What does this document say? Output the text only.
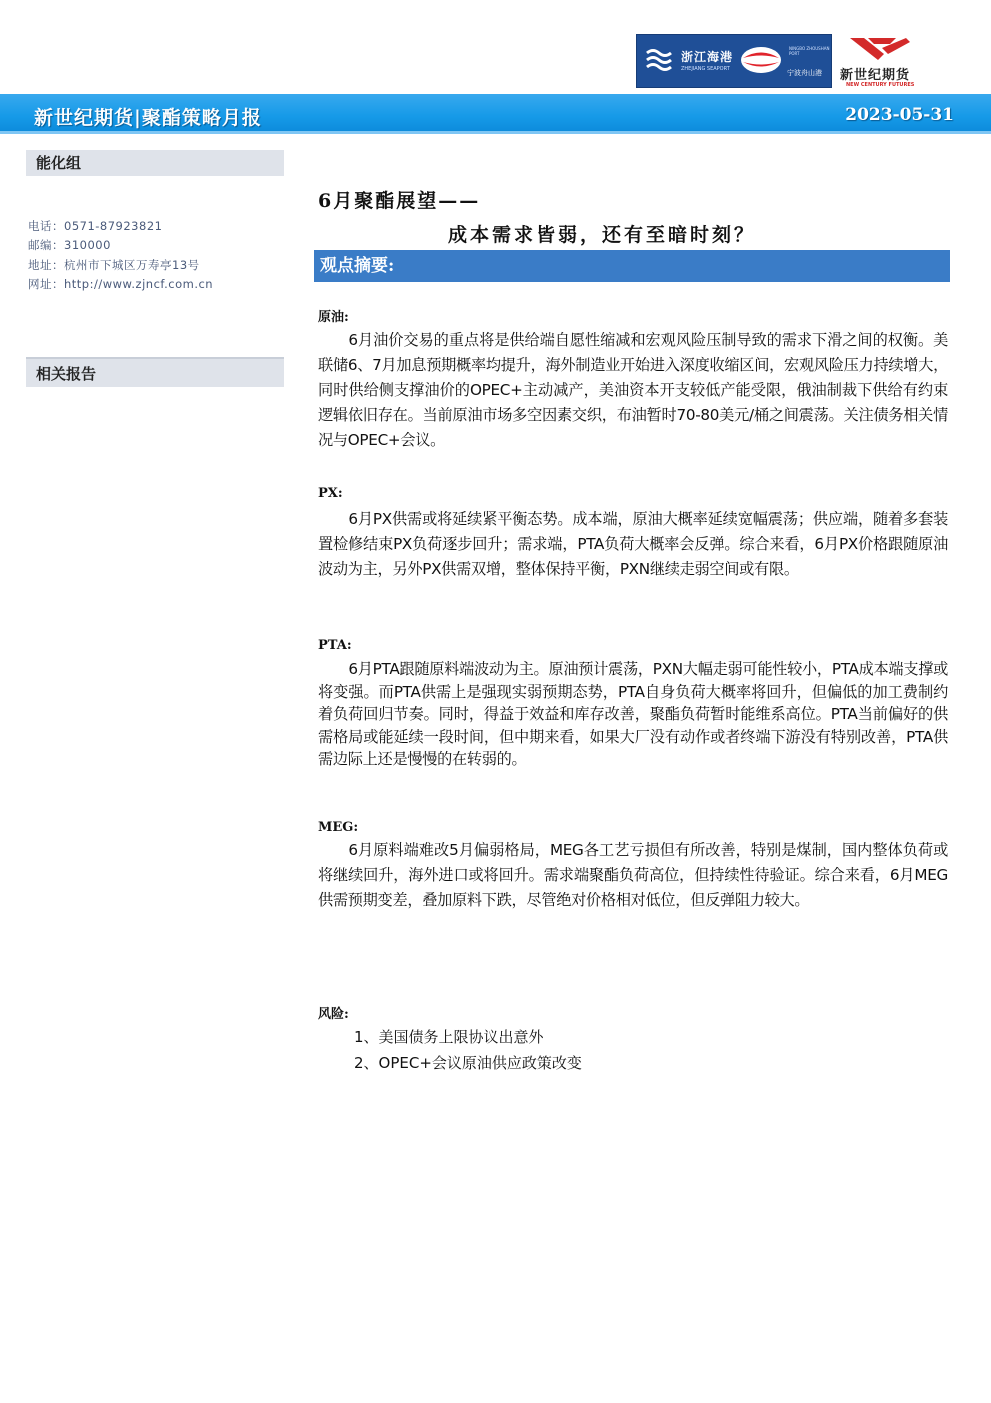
浙江海港
ZHEJIANG SEAPORT
NINGBO ZHOUSHAN PORT
宁波舟山港 新世纪期货
NEW CENTURY FUTURES
新世纪期货|聚酯策略月报	2023-05-31
能化组
电话：0571-87923821
邮编：310000
地址：杭州市下城区万寿亭13号
网址：http://www.zjncf.com.cn
相关报告
6月聚酯展望——
成本需求皆弱，还有至暗时刻？
观点摘要:
原油:
6月油价交易的重点将是供给端自愿性缩减和宏观风险压制导致的需求下滑之间的权衡。美联储6、7月加息预期概率均提升，海外制造业开始进入深度收缩区间，宏观风险压力持续增大，同时供给侧支撑油价的OPEC+主动减产，美油资本开支较低产能受限，俄油制裁下供给有约束逻辑依旧存在。当前原油市场多空因素交织，布油暂时70-80美元/桶之间震荡。关注债务相关情况与OPEC+会议。
PX:
6月PX供需或将延续紧平衡态势。成本端，原油大概率延续宽幅震荡；供应端，随着多套装置检修结束PX负荷逐步回升；需求端，PTA负荷大概率会反弹。综合来看，6月PX价格跟随原油波动为主，另外PX供需双增，整体保持平衡，PXN继续走弱空间或有限。
PTA:
6月PTA跟随原料端波动为主。原油预计震荡，PXN大幅走弱可能性较小，PTA成本端支撑或将变强。而PTA供需上是强现实弱预期态势，PTA自身负荷大概率将回升，但偏低的加工费制约着负荷回归节奏。同时，得益于效益和库存改善，聚酯负荷暂时能维系高位。PTA当前偏好的供需格局或能延续一段时间，但中期来看，如果大厂没有动作或者终端下游没有特别改善，PTA供需边际上还是慢慢的在转弱的。
MEG:
6月原料端难改5月偏弱格局，MEG各工艺亏损但有所改善，特别是煤制，国内整体负荷或将继续回升，海外进口或将回升。需求端聚酯负荷高位，但持续性待验证。综合来看，6月MEG供需预期变差，叠加原料下跌，尽管绝对价格相对低位，但反弹阻力较大。
风险:
1、美国债务上限协议出意外
2、OPEC+会议原油供应政策改变
